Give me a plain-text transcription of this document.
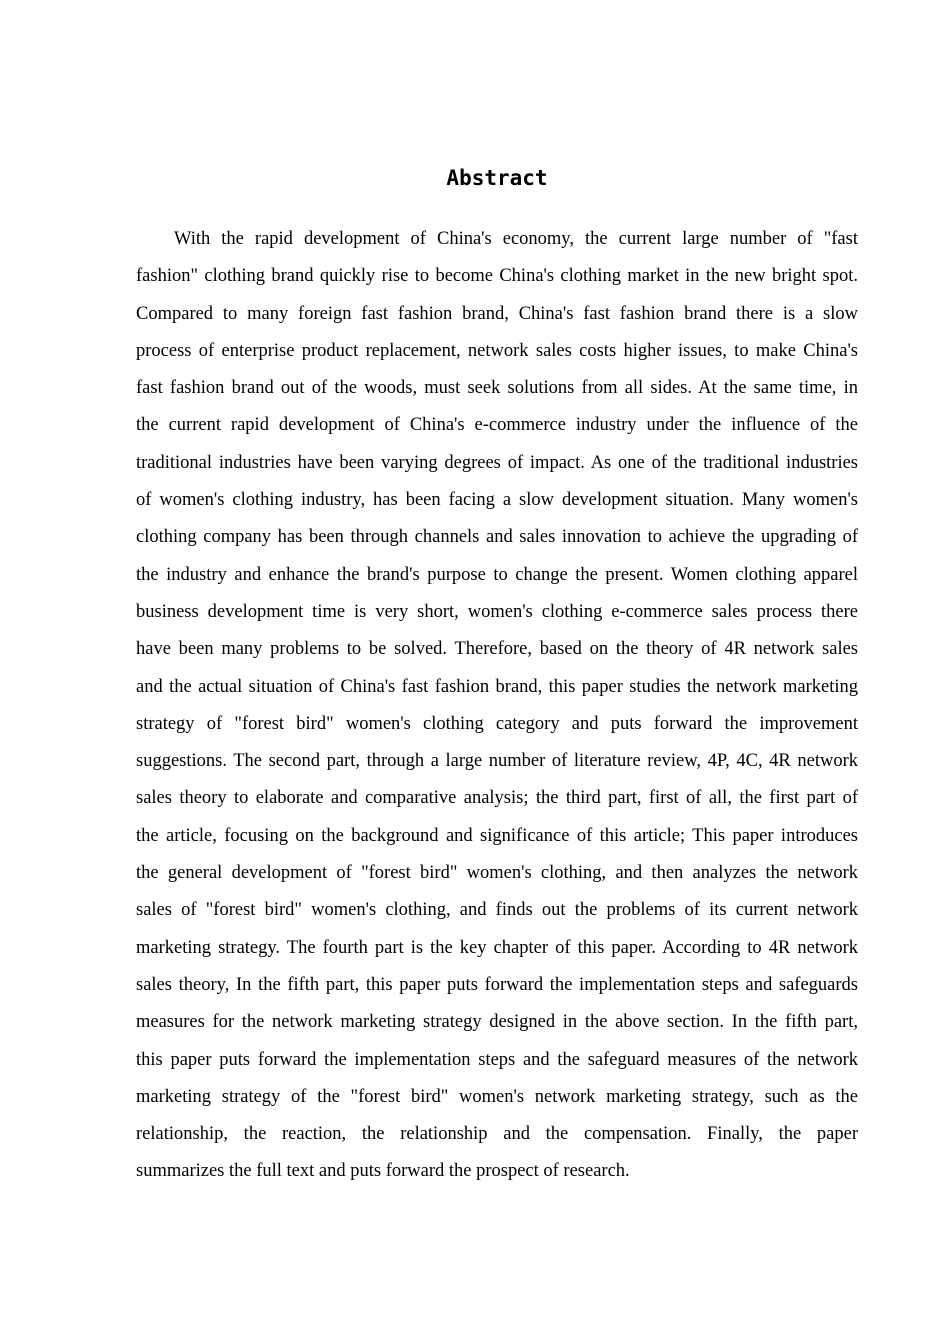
Abstract
With the rapid development of China's economy, the current large number of "fast
fashion" clothing brand quickly rise to become China's clothing market in the new bright spot.
Compared to many foreign fast fashion brand, China's fast fashion brand there is a slow
process of enterprise product replacement, network sales costs higher issues, to make China's
fast fashion brand out of the woods, must seek solutions from all sides. At the same time, in
the current rapid development of China's e-commerce industry under the influence of the
traditional industries have been varying degrees of impact. As one of the traditional industries
of women's clothing industry, has been facing a slow development situation. Many women's
clothing company has been through channels and sales innovation to achieve the upgrading of
the industry and enhance the brand's purpose to change the present. Women clothing apparel
business development time is very short, women's clothing e-commerce sales process there
have been many problems to be solved. Therefore, based on the theory of 4R network sales
and the actual situation of China's fast fashion brand, this paper studies the network marketing
strategy of "forest bird" women's clothing category and puts forward the improvement
suggestions. The second part, through a large number of literature review, 4P, 4C, 4R network
sales theory to elaborate and comparative analysis; the third part, first of all, the first part of
the article, focusing on the background and significance of this article; This paper introduces
the general development of "forest bird" women's clothing, and then analyzes the network
sales of "forest bird" women's clothing, and finds out the problems of its current network
marketing strategy. The fourth part is the key chapter of this paper. According to 4R network
sales theory, In the fifth part, this paper puts forward the implementation steps and safeguards
measures for the network marketing strategy designed in the above section. In the fifth part,
this paper puts forward the implementation steps and the safeguard measures of the network
marketing strategy of the "forest bird" women's network marketing strategy, such as the
relationship, the reaction, the relationship and the compensation. Finally, the paper
summarizes the full text and puts forward the prospect of research.
